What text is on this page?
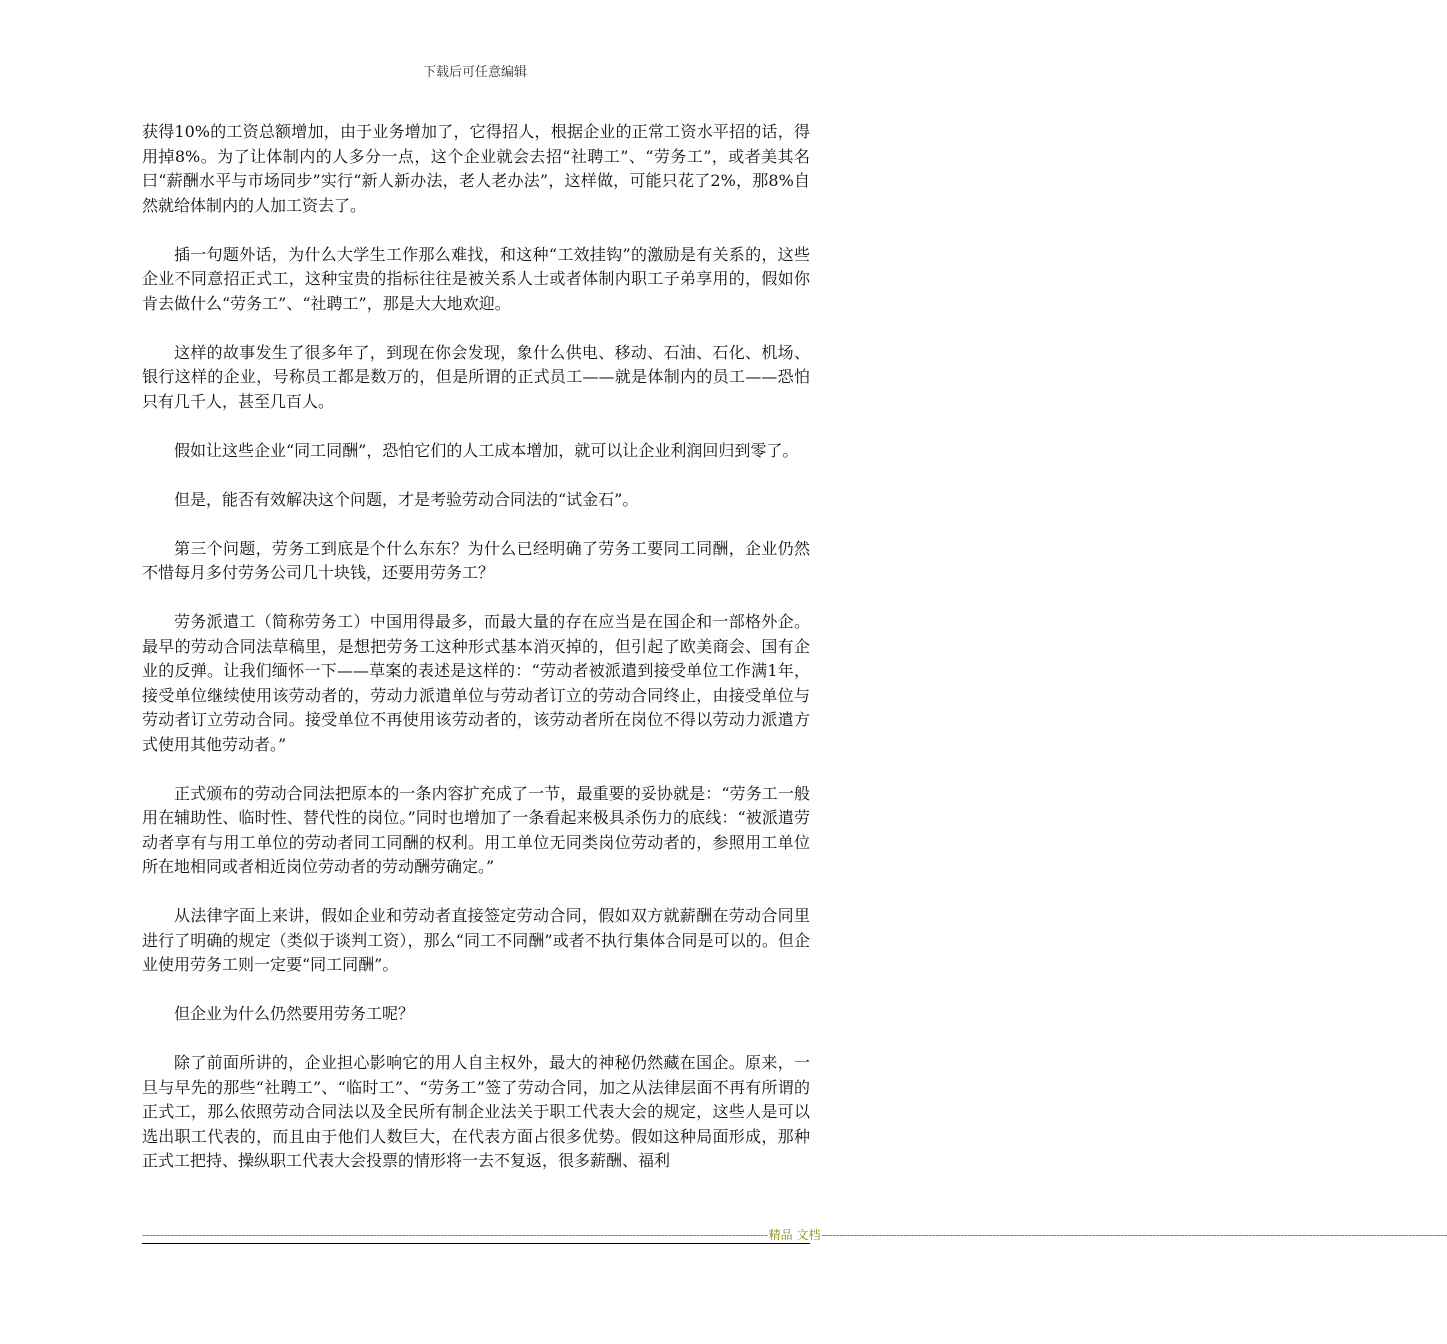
下载后可任意编辑

获得10%的工资总额增加，由于业务增加了，它得招人，根据企业的正常工资水平招的话，得用掉8%。为了让体制内的人多分一点，这个企业就会去招“社聘工”、“劳务工”，或者美其名曰“薪酬水平与市场同步”实行“新人新办法，老人老办法”，这样做，可能只花了2%，那8%自然就给体制内的人加工资去了。

插一句题外话，为什么大学生工作那么难找，和这种“工效挂钩”的激励是有关系的，这些企业不同意招正式工，这种宝贵的指标往往是被关系人士或者体制内职工子弟享用的，假如你肯去做什么“劳务工”、“社聘工”，那是大大地欢迎。

这样的故事发生了很多年了，到现在你会发现，象什么供电、移动、石油、石化、机场、银行这样的企业，号称员工都是数万的，但是所谓的正式员工——就是体制内的员工——恐怕只有几千人，甚至几百人。

假如让这些企业“同工同酬”，恐怕它们的人工成本增加，就可以让企业利润回归到零了。

但是，能否有效解决这个问题，才是考验劳动合同法的“试金石”。

第三个问题，劳务工到底是个什么东东？为什么已经明确了劳务工要同工同酬，企业仍然不惜每月多付劳务公司几十块钱，还要用劳务工？

劳务派遣工（简称劳务工）中国用得最多，而最大量的存在应当是在国企和一部格外企。最早的劳动合同法草稿里，是想把劳务工这种形式基本消灭掉的，但引起了欧美商会、国有企业的反弹。让我们缅怀一下——草案的表述是这样的：“劳动者被派遣到接受单位工作满1年，接受单位继续使用该劳动者的，劳动力派遣单位与劳动者订立的劳动合同终止，由接受单位与劳动者订立劳动合同。接受单位不再使用该劳动者的，该劳动者所在岗位不得以劳动力派遣方式使用其他劳动者。”

正式颁布的劳动合同法把原本的一条内容扩充成了一节，最重要的妥协就是：“劳务工一般用在辅助性、临时性、替代性的岗位。”同时也增加了一条看起来极具杀伤力的底线：“被派遣劳动者享有与用工单位的劳动者同工同酬的权利。用工单位无同类岗位劳动者的，参照用工单位所在地相同或者相近岗位劳动者的劳动酬劳确定。”

从法律字面上来讲，假如企业和劳动者直接签定劳动合同，假如双方就薪酬在劳动合同里进行了明确的规定（类似于谈判工资），那么“同工不同酬”或者不执行集体合同是可以的。但企业使用劳务工则一定要“同工同酬”。

但企业为什么仍然要用劳务工呢？

除了前面所讲的，企业担心影响它的用人自主权外，最大的神秘仍然藏在国企。原来，一旦与早先的那些“社聘工”、“临时工”、“劳务工”签了劳动合同，加之从法律层面不再有所谓的正式工，那么依照劳动合同法以及全民所有制企业法关于职工代表大会的规定，这些人是可以选出职工代表的，而且由于他们人数巨大，在代表方面占很多优势。假如这种局面形成，那种正式工把持、操纵职工代表大会投票的情形将一去不复返，很多薪酬、福利

-------------------------------------------------------------------------------------------------------------------------------------------------------------------------------- 精品 文档 --------------------------------------------------------------------------------------------------------------------------------------------------------------------------------
